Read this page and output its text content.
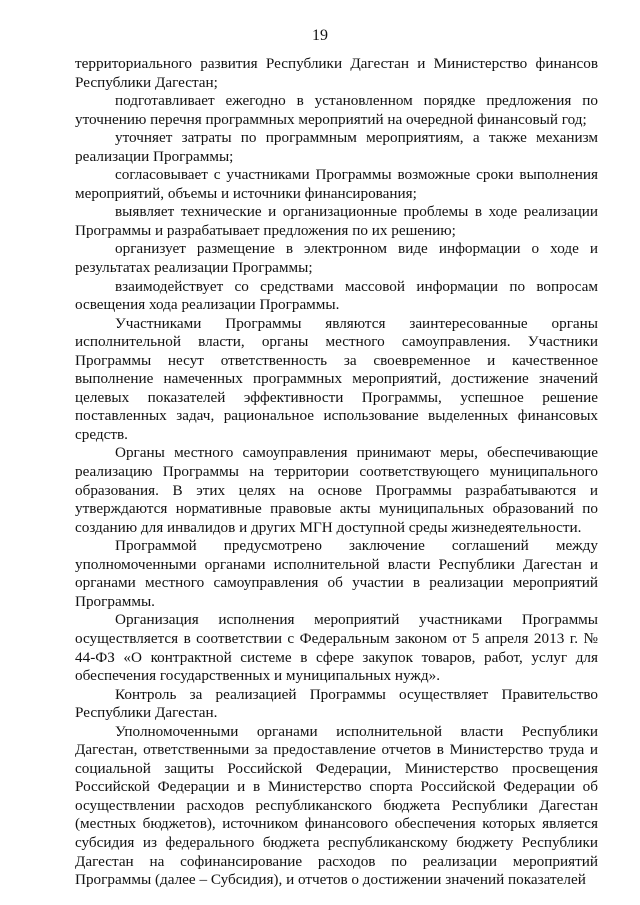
19

территориального развития Республики Дагестан и Министерство финансов Республики Дагестан;

подготавливает ежегодно в установленном порядке предложения по уточнению перечня программных мероприятий на очередной финансовый год;

уточняет затраты по программным мероприятиям, а также механизм реализации Программы;

согласовывает с участниками Программы возможные сроки выполнения мероприятий, объемы и источники финансирования;

выявляет технические и организационные проблемы в ходе реализации Программы и разрабатывает предложения по их решению;

организует размещение в электронном виде информации о ходе и результатах реализации Программы;

взаимодействует со средствами массовой информации по вопросам освещения хода реализации Программы.

Участниками Программы являются заинтересованные органы исполнительной власти, органы местного самоуправления. Участники Программы несут ответственность за своевременное и качественное выполнение намеченных программных мероприятий, достижение значений целевых показателей эффективности Программы, успешное решение поставленных задач, рациональное использование выделенных финансовых средств.

Органы местного самоуправления принимают меры, обеспечивающие реализацию Программы на территории соответствующего муниципального образования. В этих целях на основе Программы разрабатываются и утверждаются нормативные правовые акты муниципальных образований по созданию для инвалидов и других МГН доступной среды жизнедеятельности.

Программой предусмотрено заключение соглашений между уполномоченными органами исполнительной власти Республики Дагестан и органами местного самоуправления об участии в реализации мероприятий Программы.

Организация исполнения мероприятий участниками Программы осуществляется в соответствии с Федеральным законом от 5 апреля 2013 г. № 44-ФЗ «О контрактной системе в сфере закупок товаров, работ, услуг для обеспечения государственных и муниципальных нужд».

Контроль за реализацией Программы осуществляет Правительство Республики Дагестан.

Уполномоченными органами исполнительной власти Республики Дагестан, ответственными за предоставление отчетов в Министерство труда и социальной защиты Российской Федерации, Министерство просвещения Российской Федерации и в Министерство спорта Российской Федерации об осуществлении расходов республиканского бюджета Республики Дагестан (местных бюджетов), источником финансового обеспечения которых является субсидия из федерального бюджета республиканскому бюджету Республики Дагестан на софинансирование расходов по реализации мероприятий Программы (далее – Субсидия), и отчетов о достижении значений показателей
